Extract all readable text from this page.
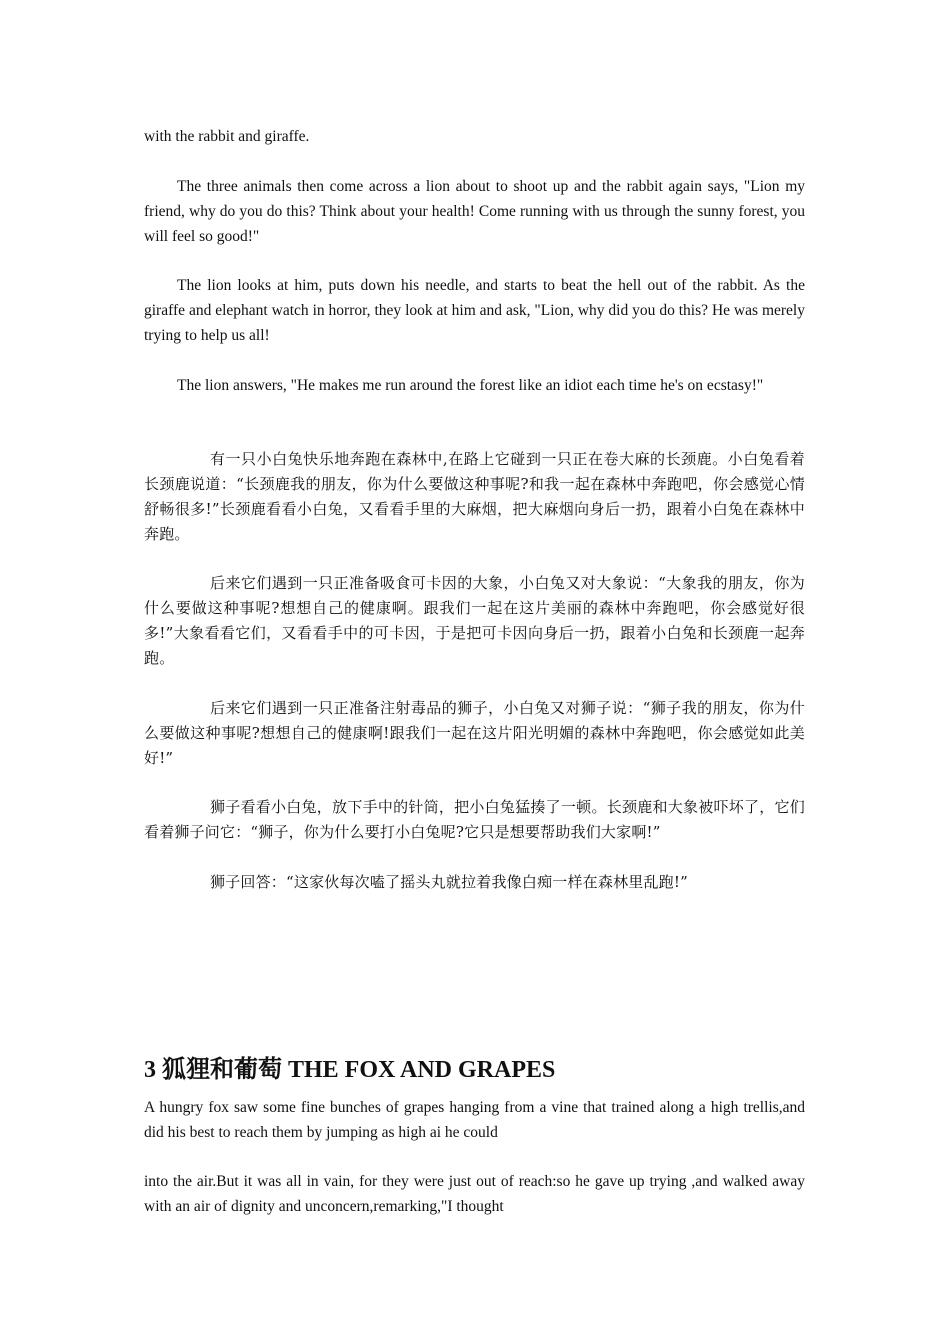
with the rabbit and giraffe.

The three animals then come across a lion about to shoot up and the rabbit again says, "Lion my friend, why do you do this? Think about your health! Come running with us through the sunny forest, you will feel so good!"

The lion looks at him, puts down his needle, and starts to beat the hell out of the rabbit. As the giraffe and elephant watch in horror, they look at him and ask, "Lion, why did you do this? He was merely trying to help us all!

The lion answers, "He makes me run around the forest like an idiot each time he's on ecstasy!"

有一只小白兔快乐地奔跑在森林中,在路上它碰到一只正在卷大麻的长颈鹿。小白兔看着长颈鹿说道：“长颈鹿我的朋友，你为什么要做这种事呢?和我一起在森林中奔跑吧，你会感觉心情舒畅很多!”长颈鹿看看小白兔，又看看手里的大麻烟，把大麻烟向身后一扔，跟着小白兔在森林中奔跑。

后来它们遇到一只正准备吸食可卡因的大象，小白兔又对大象说：“大象我的朋友，你为什么要做这种事呢?想想自己的健康啊。跟我们一起在这片美丽的森林中奔跑吧，你会感觉好很多!”大象看看它们，又看看手中的可卡因，于是把可卡因向身后一扔，跟着小白兔和长颈鹿一起奔跑。

后来它们遇到一只正准备注射毒品的狮子，小白兔又对狮子说：“狮子我的朋友，你为什么要做这种事呢?想想自己的健康啊!跟我们一起在这片阳光明媚的森林中奔跑吧，你会感觉如此美好!”

狮子看看小白兔，放下手中的针筒，把小白兔猛揍了一顿。长颈鹿和大象被吓坏了，它们看着狮子问它：“狮子，你为什么要打小白兔呢?它只是想要帮助我们大家啊!”

狮子回答：“这家伙每次嗑了摇头丸就拉着我像白痴一样在森林里乱跑!”

3 狐狸和葡萄 THE FOX AND GRAPES

A hungry fox saw some fine bunches of grapes hanging from a vine that trained along a high trellis,and did his best to reach them by jumping as high ai he could

into the air.But it was all in vain, for they were just out of reach:so he gave up trying ,and walked away with an air of dignity and unconcern,remarking,"I thought
